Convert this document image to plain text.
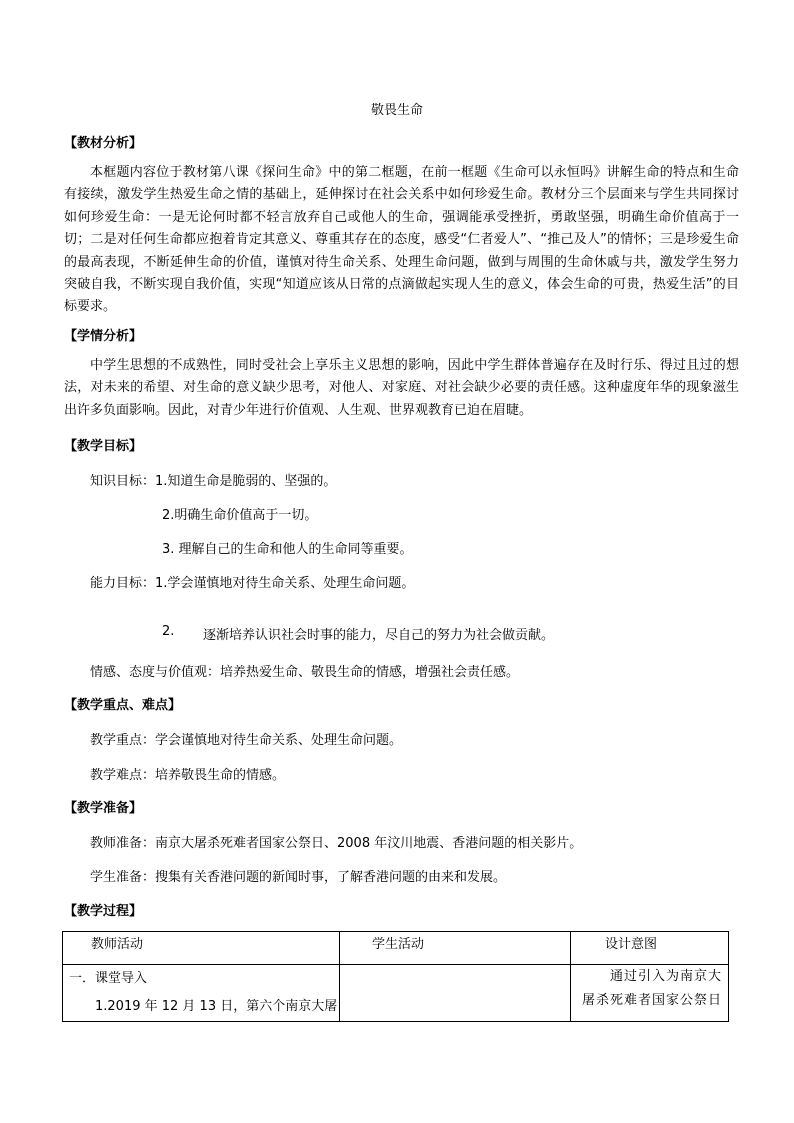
敬畏生命
【教材分析】
本框题内容位于教材第八课《探问生命》中的第二框题，在前一框题《生命可以永恒吗》讲解生命的特点和生命有接续，激发学生热爱生命之情的基础上，延伸探讨在社会关系中如何珍爱生命。教材分三个层面来与学生共同探讨如何珍爱生命：一是无论何时都不轻言放弃自己或他人的生命，强调能承受挫折，勇敢坚强，明确生命价值高于一切；二是对任何生命都应抱着肯定其意义、尊重其存在的态度，感受“仁者爱人”、“推己及人”的情怀；三是珍爱生命的最高表现，不断延伸生命的价值，谨慎对待生命关系、处理生命问题，做到与周围的生命休戚与共，激发学生努力突破自我，不断实现自我价值，实现“知道应该从日常的点滴做起实现人生的意义，体会生命的可贵，热爱生活”的目标要求。
【学情分析】
中学生思想的不成熟性，同时受社会上享乐主义思想的影响，因此中学生群体普遍存在及时行乐、得过且过的想法，对未来的希望、对生命的意义缺少思考，对他人、对家庭、对社会缺少必要的责任感。这种虚度年华的现象滋生出许多负面影响。因此，对青少年进行价值观、人生观、世界观教育已迫在眉睫。
【教学目标】
知识目标：1.知道生命是脆弱的、坚强的。
2.明确生命价值高于一切。
3. 理解自己的生命和他人的生命同等重要。
能力目标：1.学会谨慎地对待生命关系、处理生命问题。
2. 逐渐培养认识社会时事的能力，尽自己的努力为社会做贡献。
情感、态度与价值观：培养热爱生命、敬畏生命的情感，增强社会责任感。
【教学重点、难点】
教学重点：学会谨慎地对待生命关系、处理生命问题。
教学难点：培养敬畏生命的情感。
【教学准备】
教师准备：南京大屠杀死难者国家公祭日、2008 年汶川地震、香港问题的相关影片。
学生准备：搜集有关香港问题的新闻时事，了解香港问题的由来和发展。
【教学过程】
教师活动	学生活动	设计意图

一．课堂导入
1.2019 年 12 月 13 日，第六个南京大屠		通过引入为南京大
屠杀死难者国家公祭日
